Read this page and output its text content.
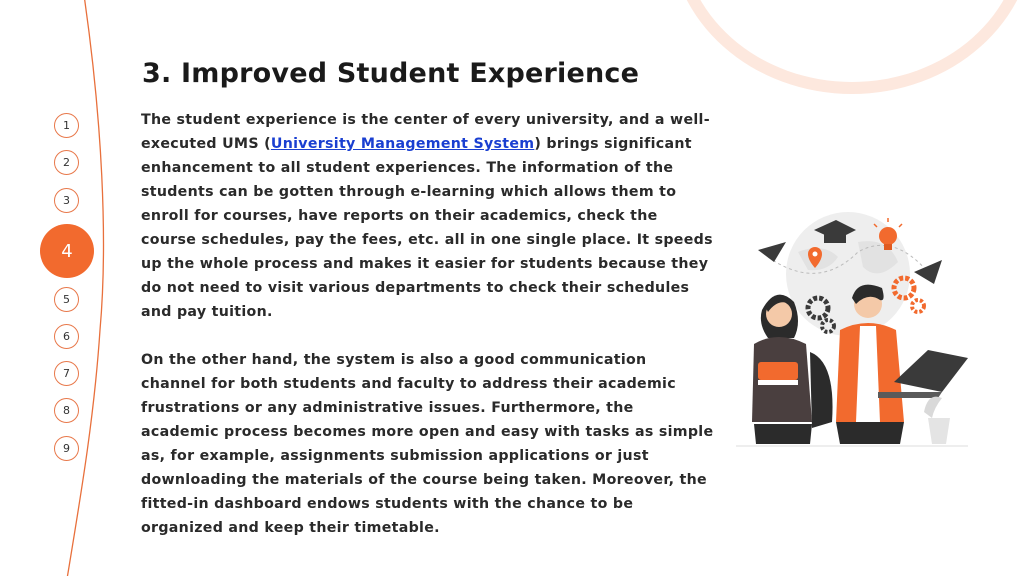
1
2
3
4
5
6
7
8
9
3. Improved Student Experience

The student experience is the center of every university, and a well-executed UMS (University Management System) brings significant enhancement to all student experiences. The information of the students can be gotten through e-learning which allows them to enroll for courses, have reports on their academics, check the course schedules, pay the fees, etc. all in one single place. It speeds up the whole process and makes it easier for students because they do not need to visit various departments to check their schedules and pay tuition.

On the other hand, the system is also a good communication channel for both students and faculty to address their academic frustrations or any administrative issues. Furthermore, the academic process becomes more open and easy with tasks as simple as, for example, assignments submission applications or just downloading the materials of the course being taken. Moreover, the fitted-in dashboard endows students with the chance to be organized and keep their timetable.
